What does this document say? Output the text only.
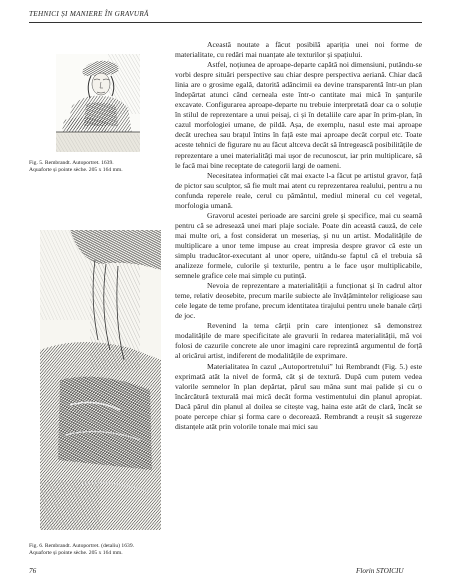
TEHNICI ȘI MANIERE ÎN GRAVURĂ
Fig. 5. Rembrandt. Autoportret. 1639. Aquaforte și pointe sèche. 205 x 164 mm.
Fig. 6. Rembrandt. Autoportret. (detaliu) 1639. Aquaforte și pointe sèche. 205 x 164 mm.

Această noutate a făcut posibilă apariția unei noi forme de materialitate, cu redări mai nuanțate ale texturilor și spațiului.

Astfel, noțiunea de aproape-departe capătă noi dimensiuni, putându-se vorbi despre situări perspective sau chiar despre perspectiva aeriană. Chiar dacă linia are o grosime egală, datorită adâncimii ea devine transparentă într-un plan îndepărtat atunci când cerneala este într-o cantitate mai mică în șanțurile excavate. Configurarea aproape-departe nu trebuie interpretată doar ca o soluție în stilul de reprezentare a unui peisaj, ci și în detaliile care apar în prim-plan, în cazul morfologiei umane, de pildă. Așa, de exemplu, nasul este mai aproape decât urechea sau brațul întins în față este mai aproape decât corpul etc. Toate aceste tehnici de figurare nu au făcut altceva decât să întregească posibilitățile de reprezentare a unei materialități mai ușor de recunoscut, iar prin multiplicare, să le facă mai bine receptate de categorii largi de oameni.

Necesitatea informației cât mai exacte l-a făcut pe artistul gravor, față de pictor sau sculptor, să fie mult mai atent cu reprezentarea realului, pentru a nu confunda reperele reale, cerul cu pământul, mediul mineral cu cel vegetal, morfologia umană.

Gravorul acestei perioade are sarcini grele și specifice, mai cu seamă pentru că se adresează unei mari plaje sociale. Poate din această cauză, de cele mai multe ori, a fost considerat un meseriaș, și nu un artist. Modalitățile de multiplicare a unor teme impuse au creat impresia despre gravor că este un simplu traducător-executant al unor opere, uitându-se faptul că el trebuia să analizeze formele, culorile și texturile, pentru a le face ușor multiplicabile, semnele grafice cele mai simple cu putință.

Nevoia de reprezentare a materialității a funcționat și în cadrul altor teme, relativ deosebite, precum marile subiecte ale învățămintelor religioase sau cele legate de teme profane, precum identitatea tirajului pentru unele banale cărți de joc.

Revenind la tema cărții prin care intenționez să demonstrez modalitățile de mare specificitate ale gravurii în redarea materialității, mă voi folosi de cazurile concrete ale unor imagini care reprezintă argumentul de forță al oricărui artist, indiferent de modalitățile de exprimare.

Materialitatea în cazul „Autoportretului” lui Rembrandt (Fig. 5.) este exprimată atât la nivel de formă, cât și de textură. După cum putem vedea valorile semnelor în plan depărtat, părul sau mâna sunt mai palide și cu o încărcătură texturală mai mică decât forma vestimentului din planul apropiat. Dacă părul din planul al doilea se citește vag, haina este atât de clară, încât se poate percepe chiar și forma care o decorează. Rembrandt a reușit să sugereze distanțele atât prin volorile tonale mai mici sau

76	Florin STOICIU
